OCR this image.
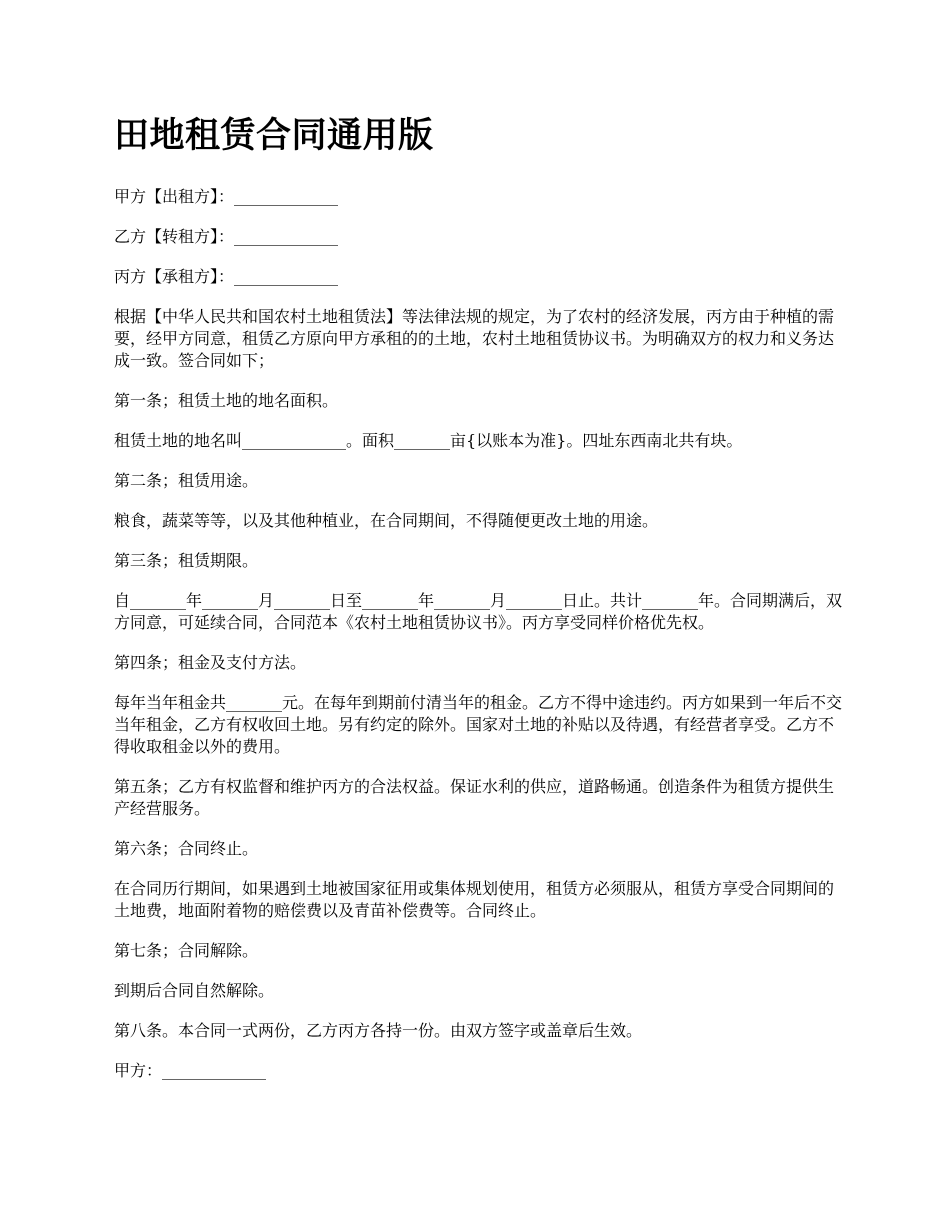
田地租赁合同通用版
甲方【出租方】：_____________
乙方【转租方】：_____________
丙方【承租方】：_____________
根据【中华人民共和国农村土地租赁法】等法律法规的规定，为了农村的经济发展，丙方由于种植的需要，经甲方同意，租赁乙方原向甲方承租的的土地，农村土地租赁协议书。为明确双方的权力和义务达成一致。签合同如下；
第一条；租赁土地的地名面积。
租赁土地的地名叫_____________。面积_______亩{以账本为准}。四址东西南北共有块。
第二条；租赁用途。
粮食，蔬菜等等，以及其他种植业，在合同期间，不得随便更改土地的用途。
第三条；租赁期限。
自_______年_______月_______日至_______年_______月_______日止。共计_______年。合同期满后，双方同意，可延续合同，合同范本《农村土地租赁协议书》。丙方享受同样价格优先权。
第四条；租金及支付方法。
每年当年租金共_______元。在每年到期前付清当年的租金。乙方不得中途违约。丙方如果到一年后不交当年租金，乙方有权收回土地。另有约定的除外。国家对土地的补贴以及待遇，有经营者享受。乙方不得收取租金以外的费用。
第五条；乙方有权监督和维护丙方的合法权益。保证水利的供应，道路畅通。创造条件为租赁方提供生产经营服务。
第六条；合同终止。
在合同历行期间，如果遇到土地被国家征用或集体规划使用，租赁方必须服从，租赁方享受合同期间的土地费，地面附着物的赔偿费以及青苗补偿费等。合同终止。
第七条；合同解除。
到期后合同自然解除。
第八条。本合同一式两份，乙方丙方各持一份。由双方签字或盖章后生效。
甲方：_____________
